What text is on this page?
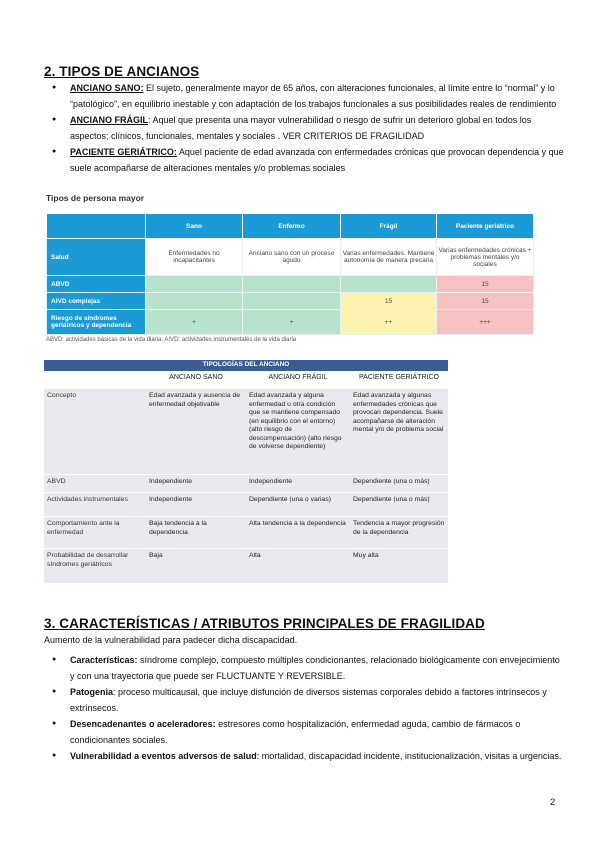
2. TIPOS DE ANCIANOS
● ANCIANO SANO: El sujeto, generalmente mayor de 65 años, con alteraciones funcionales, al límite entre lo “normal” y lo “patológico”, en equilibrio inestable y con adaptación de los trabajos funcionales a sus posibilidades reales de rendimiento
● ANCIANO FRÁGIL: Aquel que presenta una mayor vulnerabilidad o riesgo de sufrir un deterioro global en todos los aspectos; clínicos, funcionales, mentales y sociales . VER CRITERIOS DE FRAGILIDAD
● PACIENTE GERIÁTRICO: Aquel paciente de edad avanzada con enfermedades crónicas que provocan dependencia y que suele acompañarse de alteraciones mentales y/o problemas sociales
Tipos de persona mayor
	Sano	Enfermo	Frágil	Paciente geriátrico
Salud	Enfermedades no incapacitantes	Anciano sano con un proceso agudo	Varias enfermedades. Mantiene autonomía de manera precaria	Varias enfermedades crónicas + problemas mentales y/o sociales
ABVD				15
AIVD complejas			15	15
Riesgo de síndromes geriátricos y dependencia	+	+	++	+++
ABVD: actividades básicas de la vida diaria; AIVD: actividades instrumentales de la vida diaria
TIPOLOGÍAS DEL ANCIANO			
	ANCIANO SANO	ANCIANO FRÁGIL	PACIENTE GERIÁTRICO
Concepto	Edad avanzada y ausencia de enfermedad objetivable	Edad avanzada y alguna enfermedad u otra condición que se mantiene compensado (en equilibrio con el entorno) (alto riesgo de descompensación) (alto riesgo de volverse dependiente)	Edad avanzada y algunas enfermedades crónicas que provocan dependencia. Suele acompañarse de alteración mental y/o de problema social
ABVD	Independiente	Independiente	Dependiente (una o más)
Actividades instrumentales	Independiente	Dependiente (una o varias)	Dependiente (una o más)
Comportamiento ante la enfermedad	Baja tendencia a la dependencia	Alta tendencia a la dependencia	Tendencia a mayor progresión de la dependencia
Probabilidad de desarrollar síndromes geriátricos	Baja	Alta	Muy alta
3. CARACTERÍSTICAS / ATRIBUTOS PRINCIPALES DE FRAGILIDAD
Aumento de la vulnerabilidad para padecer dicha discapacidad.
● Características: síndrome complejo, compuesto múltiples condicionantes, relacionado biológicamente con envejecimiento y con una trayectoria que puede ser FLUCTUANTE Y REVERSIBLE.
● Patogenia: proceso multicausal, que incluye disfunción de diversos sistemas corporales debido a factores intrínsecos y extrínsecos.
● Desencadenantes o aceleradores: estresores como hospitalización, enfermedad aguda, cambio de fármacos o condicionantes sociales.
● Vulnerabilidad a eventos adversos de salud: mortalidad, discapacidad incidente, institucionalización, visitas a urgencias.
2
